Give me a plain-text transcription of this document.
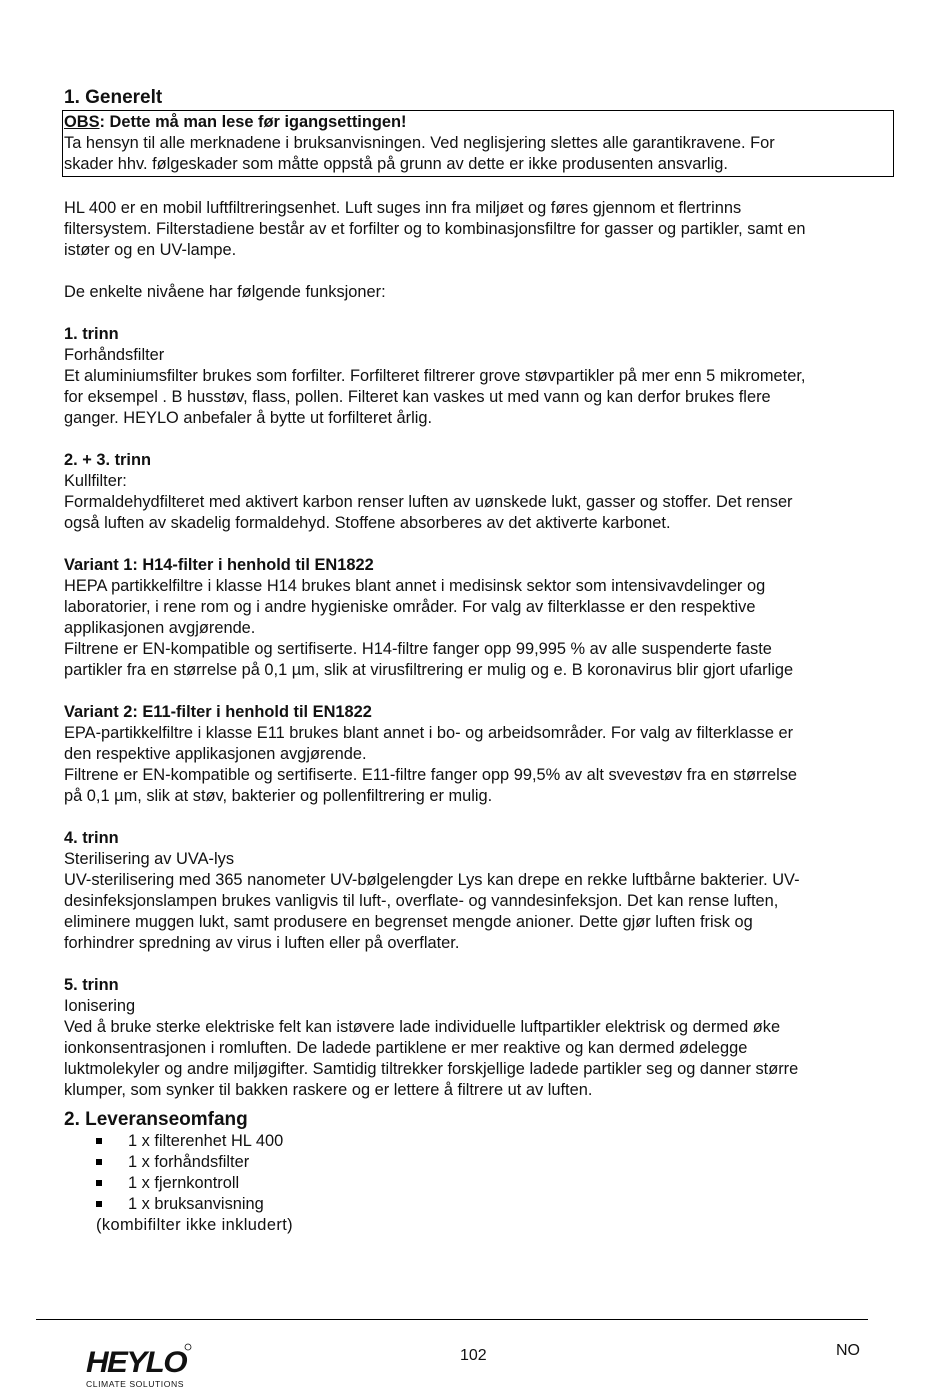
1. Generelt
OBS: Dette må man lese før igangsettingen!

Ta hensyn til alle merknadene i bruksanvisningen. Ved neglisjering slettes alle garantikravene. For

skader hhv. følgeskader som måtte oppstå på grunn av dette er ikke produsenten ansvarlig.

HL 400 er en mobil luftfiltreringsenhet. Luft suges inn fra miljøet og føres gjennom et flertrinns

filtersystem. Filterstadiene består av et forfilter og to kombinasjonsfiltre for gasser og partikler, samt en

istøter og en UV-lampe.

De enkelte nivåene har følgende funksjoner:

1. trinn

Forhåndsfilter

Et aluminiumsfilter brukes som forfilter. Forfilteret filtrerer grove støvpartikler på mer enn 5 mikrometer,

for eksempel . B husstøv, flass, pollen. Filteret kan vaskes ut med vann og kan derfor brukes flere

ganger. HEYLO anbefaler å bytte ut forfilteret årlig.

2. + 3. trinn

Kullfilter:

Formaldehydfilteret med aktivert karbon renser luften av uønskede lukt, gasser og stoffer. Det renser

også luften av skadelig formaldehyd. Stoffene absorberes av det aktiverte karbonet.

Variant 1: H14-filter i henhold til EN1822

HEPA partikkelfiltre i klasse H14 brukes blant annet i medisinsk sektor som intensivavdelinger og

laboratorier, i rene rom og i andre hygieniske områder. For valg av filterklasse er den respektive

applikasjonen avgjørende.

Filtrene er EN-kompatible og sertifiserte. H14-filtre fanger opp 99,995 % av alle suspenderte faste

partikler fra en størrelse på 0,1 µm, slik at virusfiltrering er mulig og e. B koronavirus blir gjort ufarlige

Variant 2: E11-filter i henhold til EN1822

EPA-partikkelfiltre i klasse E11 brukes blant annet i bo- og arbeidsområder. For valg av filterklasse er

den respektive applikasjonen avgjørende.

Filtrene er EN-kompatible og sertifiserte. E11-filtre fanger opp 99,5% av alt svevestøv fra en størrelse

på 0,1 µm, slik at støv, bakterier og pollenfiltrering er mulig.

4. trinn

Sterilisering av UVA-lys

UV-sterilisering med 365 nanometer UV-bølgelengder Lys kan drepe en rekke luftbårne bakterier. UV-

desinfeksjonslampen brukes vanligvis til luft-, overflate- og vanndesinfeksjon. Det kan rense luften,

eliminere muggen lukt, samt produsere en begrenset mengde anioner. Dette gjør luften frisk og

forhindrer spredning av virus i luften eller på overflater.

5. trinn

Ionisering

Ved å bruke sterke elektriske felt kan istøvere lade individuelle luftpartikler elektrisk og dermed øke

ionkonsentrasjonen i romluften. De ladede partiklene er mer reaktive og kan dermed ødelegge

luktmolekyler og andre miljøgifter. Samtidig tiltrekker forskjellige ladede partikler seg og danner større

klumper, som synker til bakken raskere og er lettere å filtrere ut av luften.

2. Leveranseomfang
1 x filterenhet HL 400
1 x forhåndsfilter
1 x fjernkontroll
1 x bruksanvisning
(kombifilter ikke inkludert)
HEYLO
CLIMATE SOLUTIONS
102	NO
